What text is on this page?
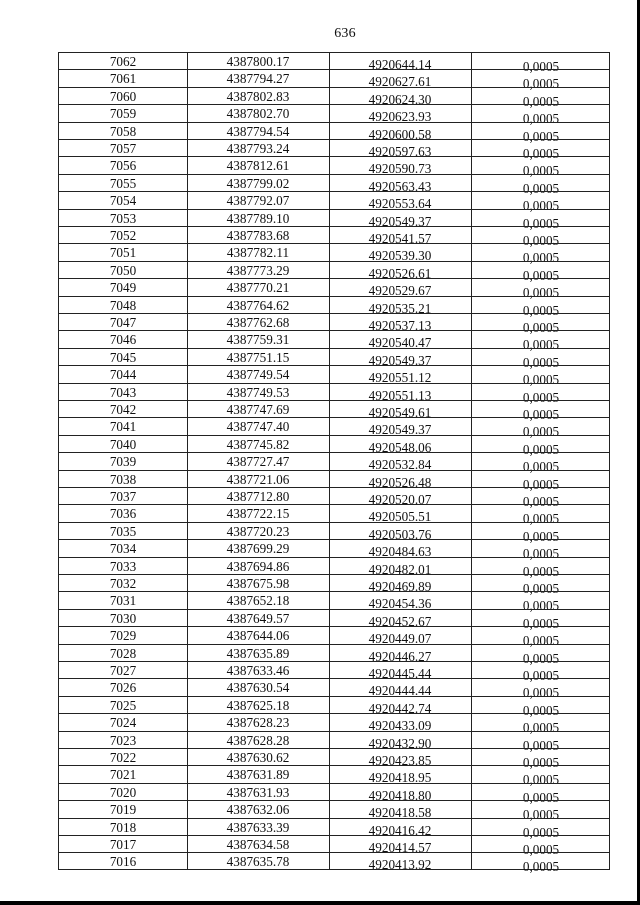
636
7062	4387800.17	4920644.14	0,0005
7061	4387794.27	4920627.61	0,0005
7060	4387802.83	4920624.30	0,0005
7059	4387802.70	4920623.93	0,0005
7058	4387794.54	4920600.58	0,0005
7057	4387793.24	4920597.63	0,0005
7056	4387812.61	4920590.73	0,0005
7055	4387799.02	4920563.43	0,0005
7054	4387792.07	4920553.64	0,0005
7053	4387789.10	4920549.37	0,0005
7052	4387783.68	4920541.57	0,0005
7051	4387782.11	4920539.30	0,0005
7050	4387773.29	4920526.61	0,0005
7049	4387770.21	4920529.67	0,0005
7048	4387764.62	4920535.21	0,0005
7047	4387762.68	4920537.13	0,0005
7046	4387759.31	4920540.47	0,0005
7045	4387751.15	4920549.37	0,0005
7044	4387749.54	4920551.12	0,0005
7043	4387749.53	4920551.13	0,0005
7042	4387747.69	4920549.61	0,0005
7041	4387747.40	4920549.37	0,0005
7040	4387745.82	4920548.06	0,0005
7039	4387727.47	4920532.84	0,0005
7038	4387721.06	4920526.48	0,0005
7037	4387712.80	4920520.07	0,0005
7036	4387722.15	4920505.51	0,0005
7035	4387720.23	4920503.76	0,0005
7034	4387699.29	4920484.63	0,0005
7033	4387694.86	4920482.01	0,0005
7032	4387675.98	4920469.89	0,0005
7031	4387652.18	4920454.36	0,0005
7030	4387649.57	4920452.67	0,0005
7029	4387644.06	4920449.07	0,0005
7028	4387635.89	4920446.27	0,0005
7027	4387633.46	4920445.44	0,0005
7026	4387630.54	4920444.44	0,0005
7025	4387625.18	4920442.74	0,0005
7024	4387628.23	4920433.09	0,0005
7023	4387628.28	4920432.90	0,0005
7022	4387630.62	4920423.85	0,0005
7021	4387631.89	4920418.95	0,0005
7020	4387631.93	4920418.80	0,0005
7019	4387632.06	4920418.58	0,0005
7018	4387633.39	4920416.42	0,0005
7017	4387634.58	4920414.57	0,0005
7016	4387635.78	4920413.92	0,0005
